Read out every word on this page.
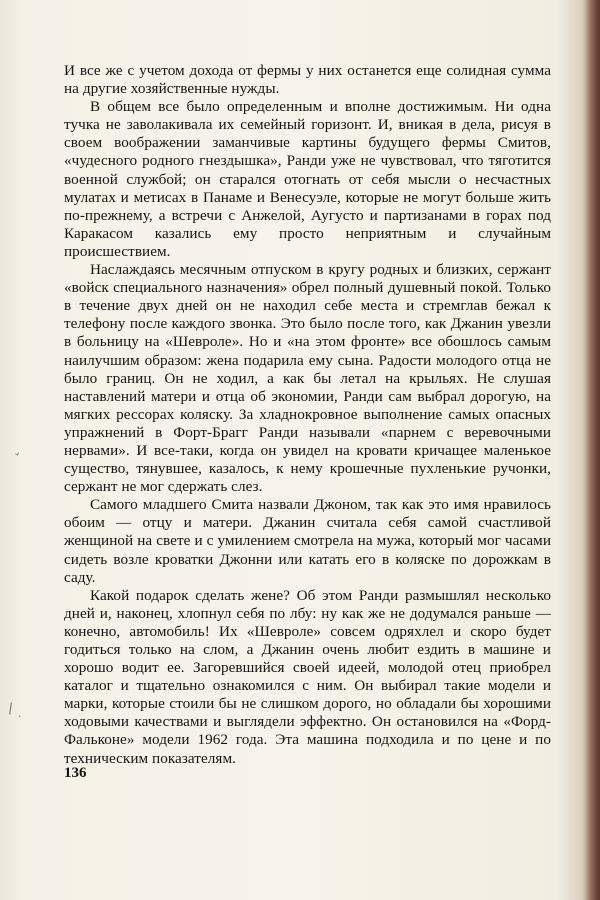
И все же с учетом дохода от фермы у них останется еще солидная сумма на другие хозяйственные нужды.

В общем все было определенным и вполне достижимым. Ни одна тучка не заволакивала их семейный горизонт. И, вникая в дела, рисуя в своем воображении заманчивые картины будущего фермы Смитов, «чудесного родного гнездышка», Ранди уже не чувствовал, что тяготится военной службой; он старался отогнать от себя мысли о несчастных мулатах и метисах в Панаме и Венесуэле, которые не могут больше жить по-прежнему, а встречи с Анжелой, Аугусто и партизанами в горах под Каракасом казались ему просто неприятным и случайным происшествием.

Наслаждаясь месячным отпуском в кругу родных и близких, сержант «войск специального назначения» обрел полный душевный покой. Только в течение двух дней он не находил себе места и стремглав бежал к телефону после каждого звонка. Это было после того, как Джанин увезли в больницу на «Шевроле». Но и «на этом фронте» все обошлось самым наилучшим образом: жена подарила ему сына. Радости молодого отца не было границ. Он не ходил, а как бы летал на крыльях. Не слушая наставлений матери и отца об экономии, Ранди сам выбрал дорогую, на мягких рессорах коляску. За хладнокровное выполнение самых опасных упражнений в Форт-Брагг Ранди называли «парнем с веревочными нервами». И все-таки, когда он увидел на кровати кричащее маленькое существо, тянувшее, казалось, к нему крошечные пухленькие ручонки, сержант не мог сдержать слез.

Самого младшего Смита назвали Джоном, так как это имя нравилось обоим — отцу и матери. Джанин считала себя самой счастливой женщиной на свете и с умилением смотрела на мужа, который мог часами сидеть возле кроватки Джонни или катать его в коляске по дорожкам в саду.

Какой подарок сделать жене? Об этом Ранди размышлял несколько дней и, наконец, хлопнул себя по лбу: ну как же не додумался раньше — конечно, автомобиль! Их «Шевроле» совсем одряхлел и скоро будет годиться только на слом, а Джанин очень любит ездить в машине и хорошо водит ее. Загоревшийся своей идеей, молодой отец приобрел каталог и тщательно ознакомился с ним. Он выбирал такие модели и марки, которые стоили бы не слишком дорого, но обладали бы хорошими ходовыми качествами и выглядели эффектно. Он остановился на «Форд-Фальконе» модели 1962 года. Эта машина подходила и по цене и по техническим показателям.

136
ˇ
\ ·
